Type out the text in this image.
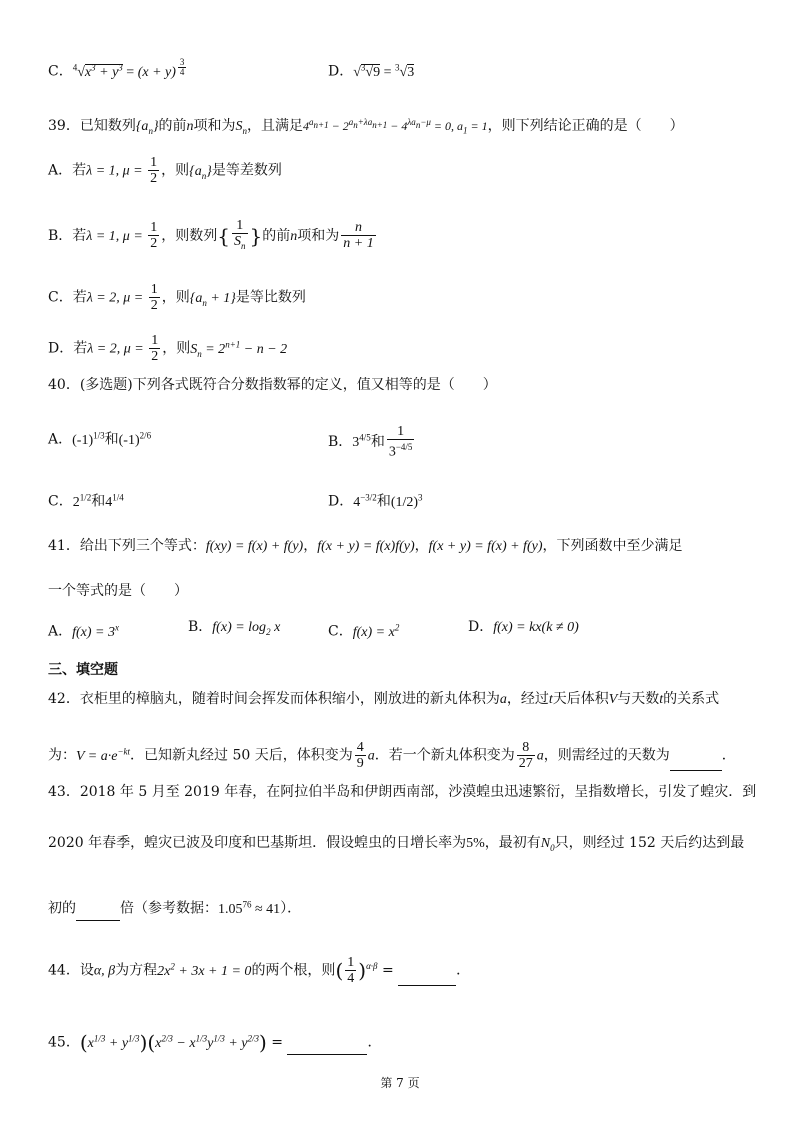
C．$^4√x^3 + y^3 = (x + y)$ $^{\frac{3}{4}}$	D．√$^3$√9 = $^3$√3
39．已知数列$\{a_n\}$的前n项和为$S_n$，且满足$4^{a_{n+1}} - 2^{a_n+\lambda a_{n+1}} - 4^{\lambda a_n-\mu} = 0$, $a_1 = 1$，则下列结论正确的是（　　）
A．若λ = 1, $\mu = \frac{1}{2}$ ，则$\{a_n\}$是等差数列
B．若λ = 1, $\mu = \frac{1}{2}$ ，则数列{ $\frac{1}{S_n}$ }的前n项和为 $\frac{n}{n + 1}$
C．若λ = 2, $\mu = \frac{1}{2}$ ，则$\{a_n + 1\}$是等比数列
D．若λ = 2, $\mu = \frac{1}{2}$ ，则$S_n = 2^{n+1} - n - 2$
40．(多选题)下列各式既符合分数指数幂的定义，值又相等的是（　　）
A．$(-1)^{1/3}$和$(-1)^{2/6}$	B．$3^{4/5}$和 $\frac{1}{3^{-4/5}}$
C．$2^{1/2}$和$4^{1/4}$	D．$4^{-3/2}$和$(1/2)^3$
41．给出下列三个等式：f(xy) = f(x) + f(y)，f(x + y) = f(x)f(y)，f(x + y) = f(x) + f(y)，下列函数中至少满足
一个等式的是（　　）
A．$f(x) = 3^x$	B．$f(x) = \log_2 x$	C．$f(x) = x^2$	D．f(x) = kx(k ≠ 0)
三、填空题
42．衣柜里的樟脑丸，随着时间会挥发而体积缩小，刚放进的新丸体积为a，经过t天后体积V与天数t的关系式
为：$V = a\cdot e^{-kt}$．已知新丸经过 50 天后，体积变为 $\frac{4}{9}$ a．若一个新丸体积变为 $\frac{8}{27}$ a，则需经过的天数为	．
43．2018 年 5 月至 2019 年春，在阿拉伯半岛和伊朗西南部，沙漠蝗虫迅速繁衍，呈指数增长，引发了蝗灾．到
2020 年春季，蝗灾已波及印度和巴基斯坦．假设蝗虫的日增长率为5%，最初有$N_0$只，则经过 152 天后约达到最
初的	倍（参考数据：$1.05^{76} \approx 41$）．
44．设α, β为方程$2x^2 + 3x + 1 = 0$的两个根，则( $\frac{1}{4} )^{\alpha\cdot\beta}$ =	．
45．$(x^{1/3} + y^{1/3})(x^{2/3} - x^{1/3}y^{1/3} + y^{2/3})$ =	．
第 7 页
